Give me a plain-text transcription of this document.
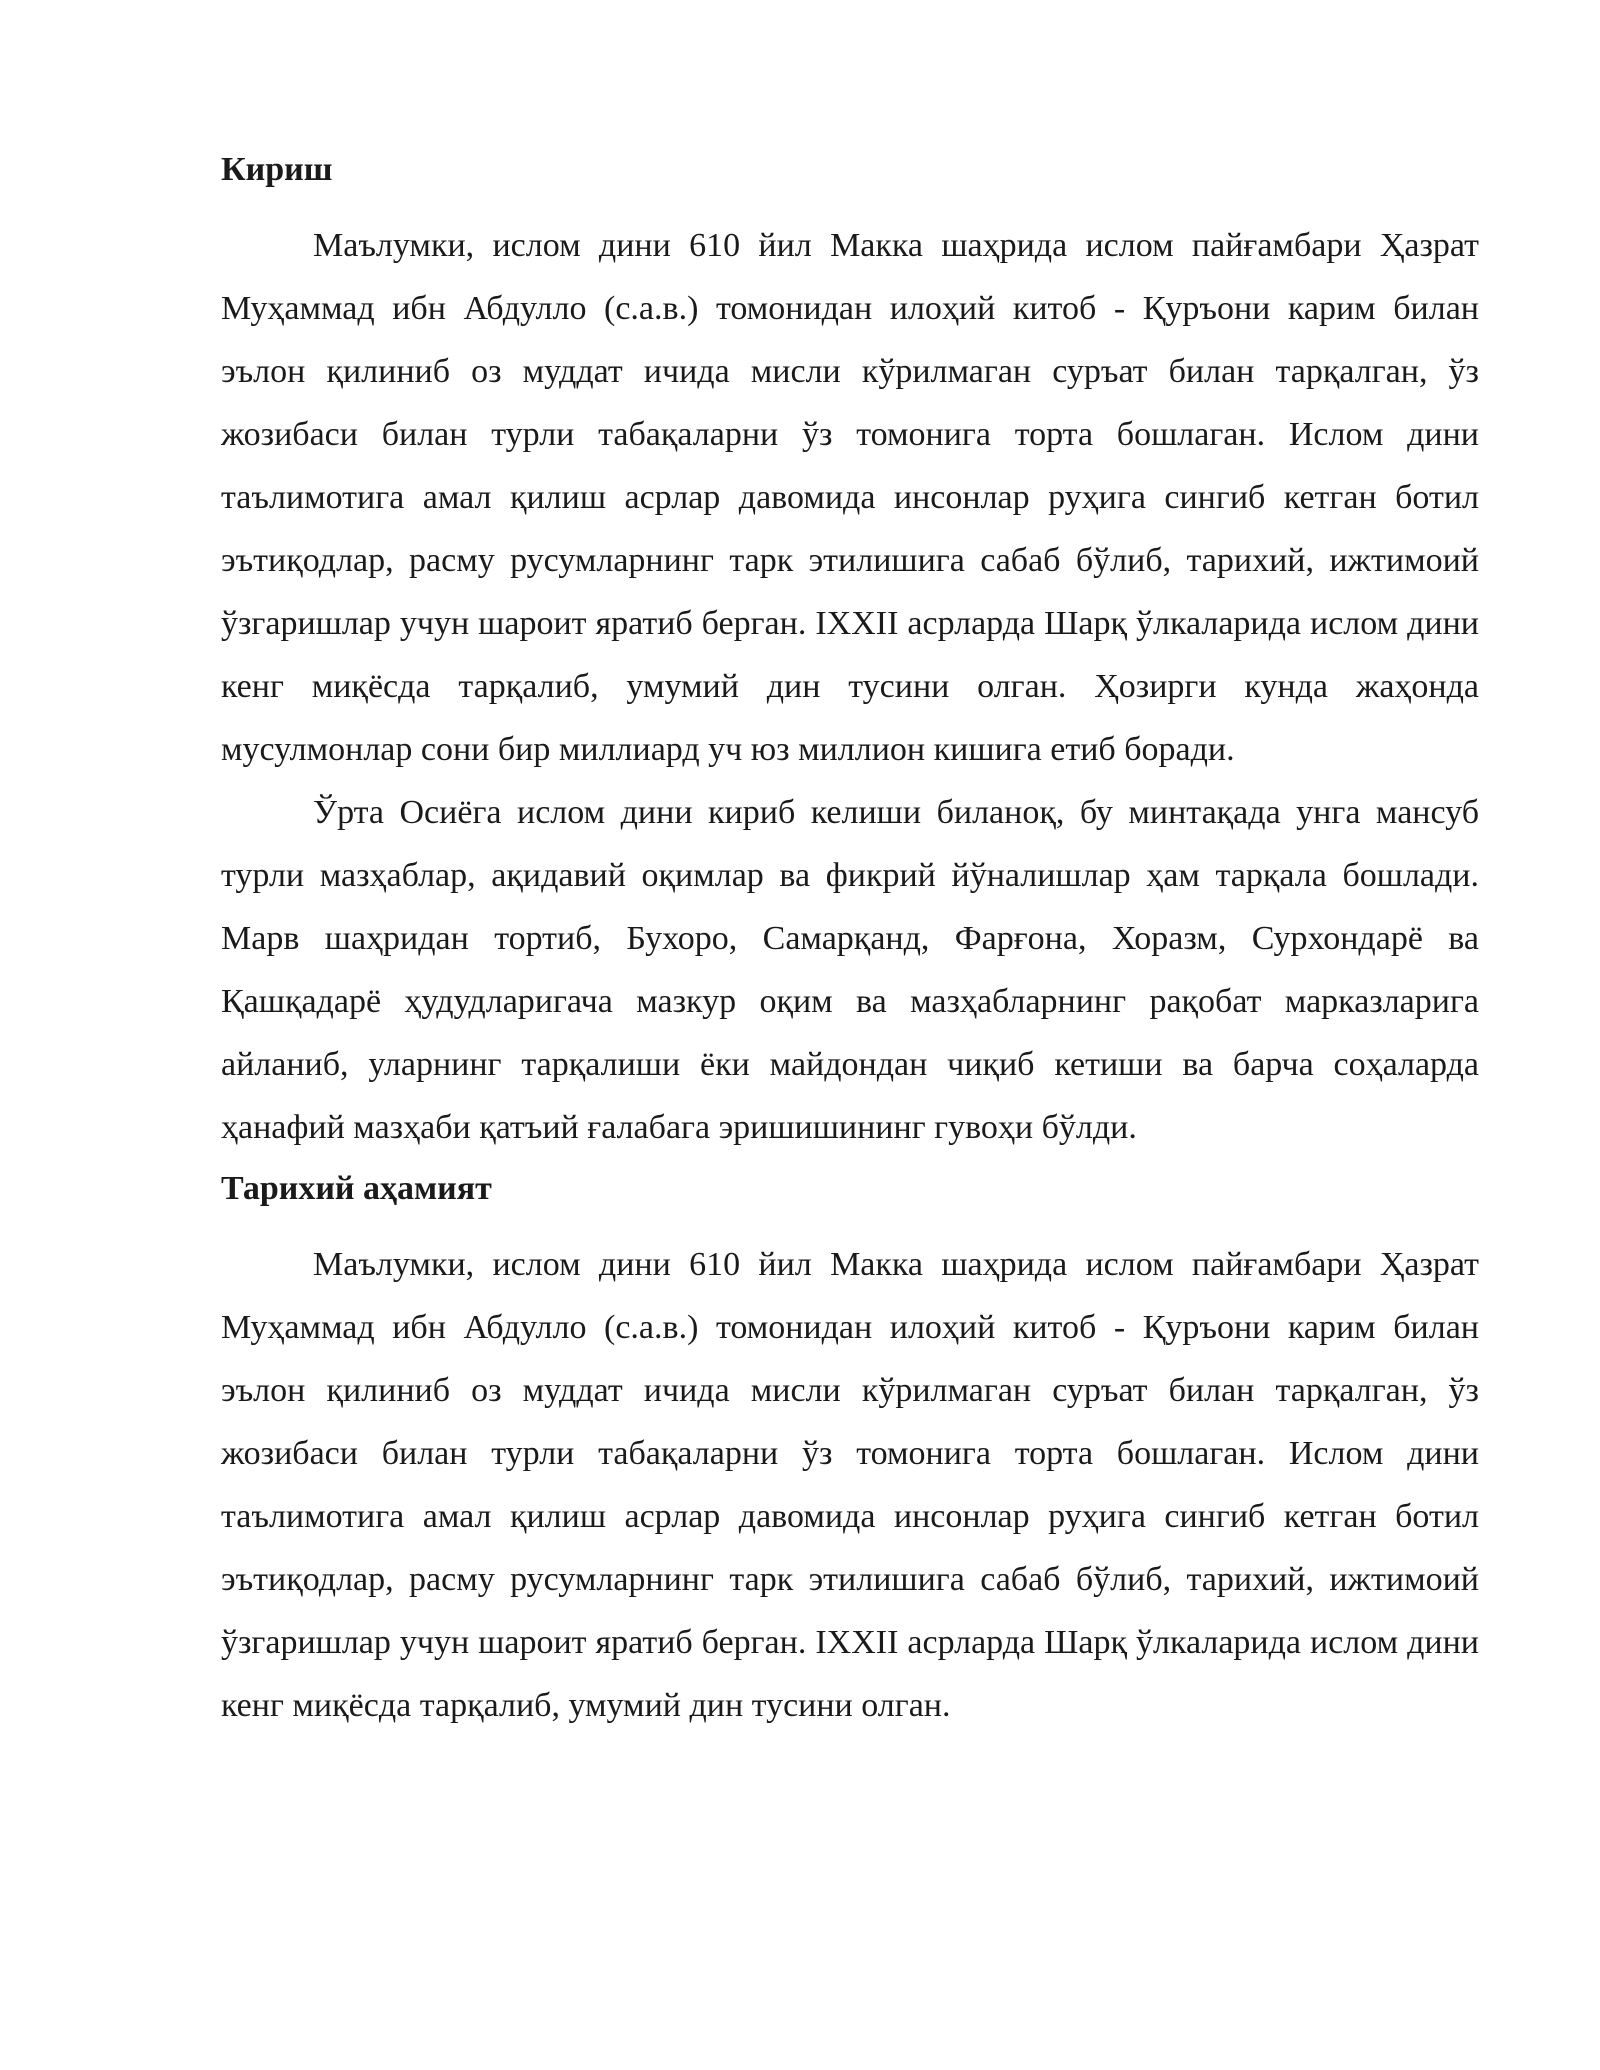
Кириш

Маълумки, ислом дини 610 йил Макка шаҳрида ислом пайғамбари Ҳазрат Муҳаммад ибн Абдулло (с.а.в.) томонидан илоҳий китоб - Қуръони карим билан эълон қилиниб оз муддат ичида мисли кўрилмаган суръат билан тарқалган, ўз жозибаси билан турли табақаларни ўз томонига торта бошлаган. Ислом дини таълимотига амал қилиш асрлар давомида инсонлар руҳига сингиб кетган ботил эътиқодлар, расму русумларнинг тарк этилишига сабаб бўлиб, тарихий, ижтимоий ўзгаришлар учун шароит яратиб берган. IXXII асрларда Шарқ ўлкаларида ислом дини кенг миқёсда тарқалиб, умумий дин тусини олган. Ҳозирги кунда жаҳонда мусулмонлар сони бир миллиард уч юз миллион кишига етиб боради.

Ўрта Осиёга ислом дини кириб келиши биланоқ, бу минтақада унга мансуб турли мазҳаблар, ақидавий оқимлар ва фикрий йўналишлар ҳам тарқала бошлади. Марв шаҳридан тортиб, Бухоро, Самарқанд, Фарғона, Хоразм, Сурхондарё ва Қашқадарё ҳудудларигача мазкур оқим ва мазҳабларнинг рақобат марказларига айланиб, уларнинг тарқалиши ёки майдондан чиқиб кетиши ва барча соҳаларда ҳанафий мазҳаби қатъий ғалабага эришишининг гувоҳи бўлди.

Тарихий аҳамият

Маълумки, ислом дини 610 йил Макка шаҳрида ислом пайғамбари Ҳазрат Муҳаммад ибн Абдулло (с.а.в.) томонидан илоҳий китоб - Қуръони карим билан эълон қилиниб оз муддат ичида мисли кўрилмаган суръат билан тарқалган, ўз жозибаси билан турли табақаларни ўз томонига торта бошлаган. Ислом дини таълимотига амал қилиш асрлар давомида инсонлар руҳига сингиб кетган ботил эътиқодлар, расму русумларнинг тарк этилишига сабаб бўлиб, тарихий, ижтимоий ўзгаришлар учун шароит яратиб берган. IXXII асрларда Шарқ ўлкаларида ислом дини кенг миқёсда тарқалиб, умумий дин тусини олган.
